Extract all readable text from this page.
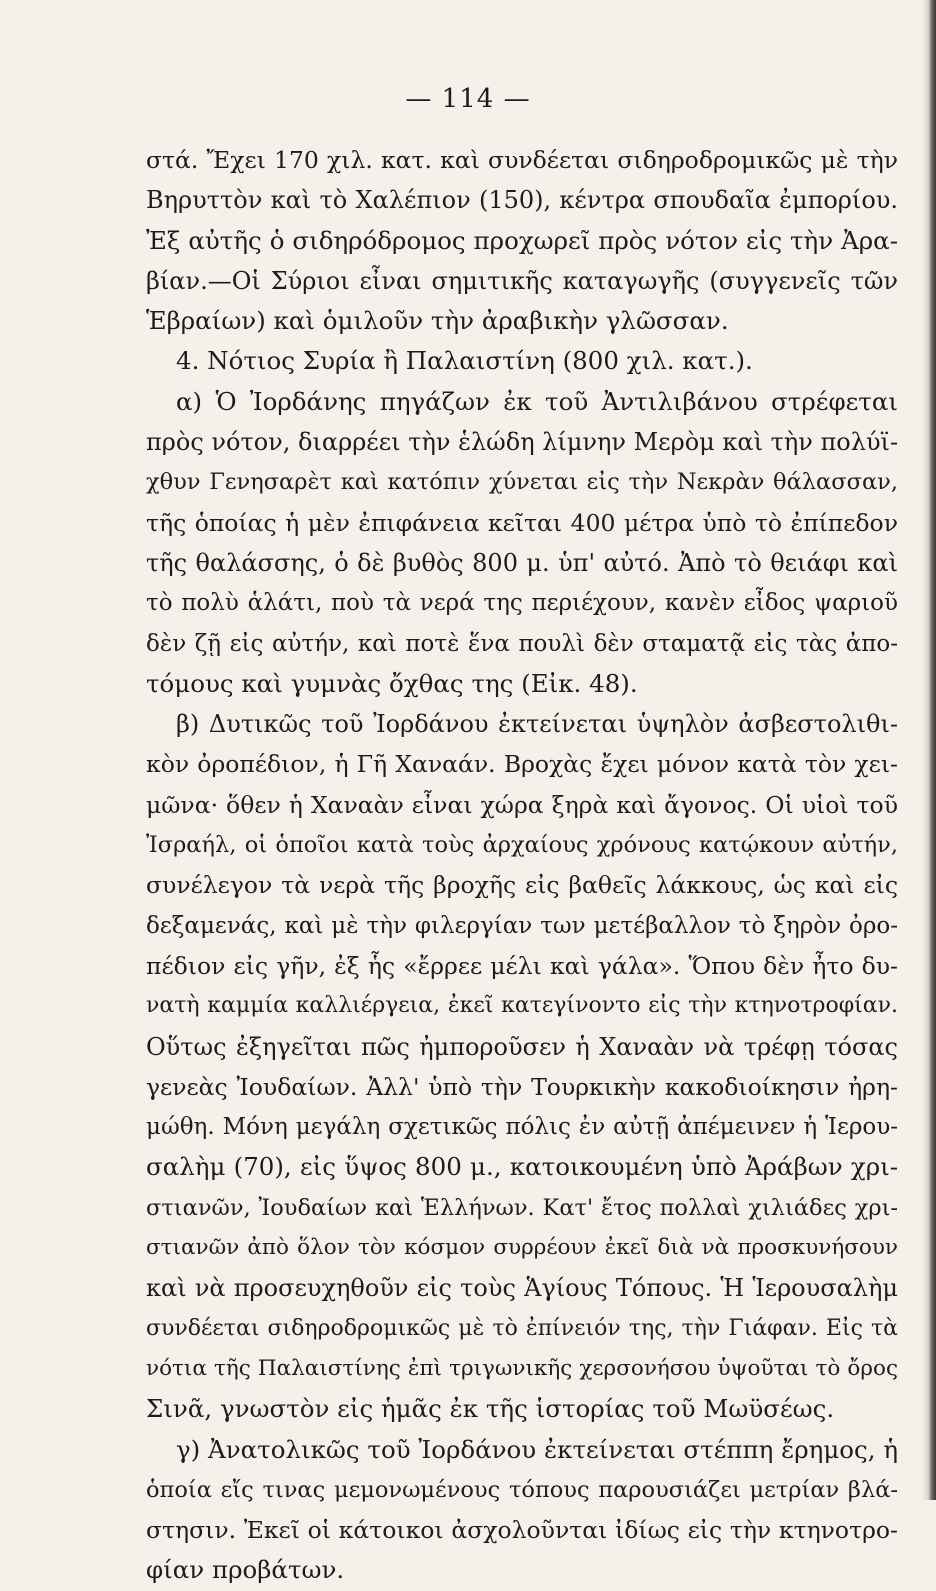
— 114 —
στά. Ἔχει 170 χιλ. κατ. καὶ συνδέεται σιδηροδρομικῶς μὲ τὴν
Βηρυττὸν καὶ τὸ Χαλέπιον (150), κέντρα σπουδαῖα ἐμπορίου.
Ἐξ αὐτῆς ὁ σιδηρόδρομος προχωρεῖ πρὸς νότον εἰς τὴν Ἀρα-
βίαν.—Οἱ Σύριοι εἶναι σημιτικῆς καταγωγῆς (συγγενεῖς τῶν
Ἑβραίων) καὶ ὁμιλοῦν τὴν ἀραβικὴν γλῶσσαν.
4. Νότιος Συρία ἢ Παλαιστίνη (800 χιλ. κατ.).
α) Ὁ Ἰορδάνης πηγάζων ἐκ τοῦ Ἀντιλιβάνου στρέφεται
πρὸς νότον, διαρρέει τὴν ἑλώδη λίμνην Μερὸμ καὶ τὴν πολύϊ-
χθυν Γενησαρὲτ καὶ κατόπιν χύνεται εἰς τὴν Νεκρὰν θάλασσαν,
τῆς ὁποίας ἡ μὲν ἐπιφάνεια κεῖται 400 μέτρα ὑπὸ τὸ ἐπίπεδον
τῆς θαλάσσης, ὁ δὲ βυθὸς 800 μ. ὑπ' αὐτό. Ἀπὸ τὸ θειάφι καὶ
τὸ πολὺ ἁλάτι, ποὺ τὰ νερά της περιέχουν, κανὲν εἶδος ψαριοῦ
δὲν ζῇ εἰς αὐτήν, καὶ ποτὲ ἕνα πουλὶ δὲν σταματᾷ εἰς τὰς ἀπο-
τόμους καὶ γυμνὰς ὄχθας της (Εἰκ. 48).
β) Δυτικῶς τοῦ Ἰορδάνου ἐκτείνεται ὑψηλὸν ἀσβεστολιθι-
κὸν ὀροπέδιον, ἡ Γῆ Χαναάν. Βροχὰς ἔχει μόνον κατὰ τὸν χει-
μῶνα· ὅθεν ἡ Χαναὰν εἶναι χώρα ξηρὰ καὶ ἄγονος. Οἱ υἱοὶ τοῦ
Ἰσραήλ, οἱ ὁποῖοι κατὰ τοὺς ἀρχαίους χρόνους κατῴκουν αὐτήν,
συνέλεγον τὰ νερὰ τῆς βροχῆς εἰς βαθεῖς λάκκους, ὡς καὶ εἰς
δεξαμενάς, καὶ μὲ τὴν φιλεργίαν των μετέβαλλον τὸ ξηρὸν ὀρο-
πέδιον εἰς γῆν, ἐξ ἧς «ἔρρεε μέλι καὶ γάλα». Ὅπου δὲν ἦτο δυ-
νατὴ καμμία καλλιέργεια, ἐκεῖ κατεγίνοντο εἰς τὴν κτηνοτροφίαν.
Οὕτως ἐξηγεῖται πῶς ἠμποροῦσεν ἡ Χαναὰν νὰ τρέφῃ τόσας
γενεὰς Ἰουδαίων. Ἀλλ' ὑπὸ τὴν Τουρκικὴν κακοδιοίκησιν ἠρη-
μώθη. Μόνη μεγάλη σχετικῶς πόλις ἐν αὐτῇ ἀπέμεινεν ἡ Ἱερου-
σαλὴμ (70), εἰς ὕψος 800 μ., κατοικουμένη ὑπὸ Ἀράβων χρι-
στιανῶν, Ἰουδαίων καὶ Ἑλλήνων. Κατ' ἔτος πολλαὶ χιλιάδες χρι-
στιανῶν ἀπὸ ὅλον τὸν κόσμον συρρέουν ἐκεῖ διὰ νὰ προσκυνήσουν
καὶ νὰ προσευχηθοῦν εἰς τοὺς Ἁγίους Τόπους. Ἡ Ἱερουσαλὴμ
συνδέεται σιδηροδρομικῶς μὲ τὸ ἐπίνειόν της, τὴν Γιάφαν. Εἰς τὰ
νότια τῆς Παλαιστίνης ἐπὶ τριγωνικῆς χερσονήσου ὑψοῦται τὸ ὄρος
Σινᾶ, γνωστὸν εἰς ἡμᾶς ἐκ τῆς ἱστορίας τοῦ Μωϋσέως.
γ) Ἀνατολικῶς τοῦ Ἰορδάνου ἐκτείνεται στέππη ἔρημος, ἡ
ὁποία εἴς τινας μεμονωμένους τόπους παρουσιάζει μετρίαν βλά-
στησιν. Ἐκεῖ οἱ κάτοικοι ἀσχολοῦνται ἰδίως εἰς τὴν κτηνοτρο-
φίαν προβάτων.
